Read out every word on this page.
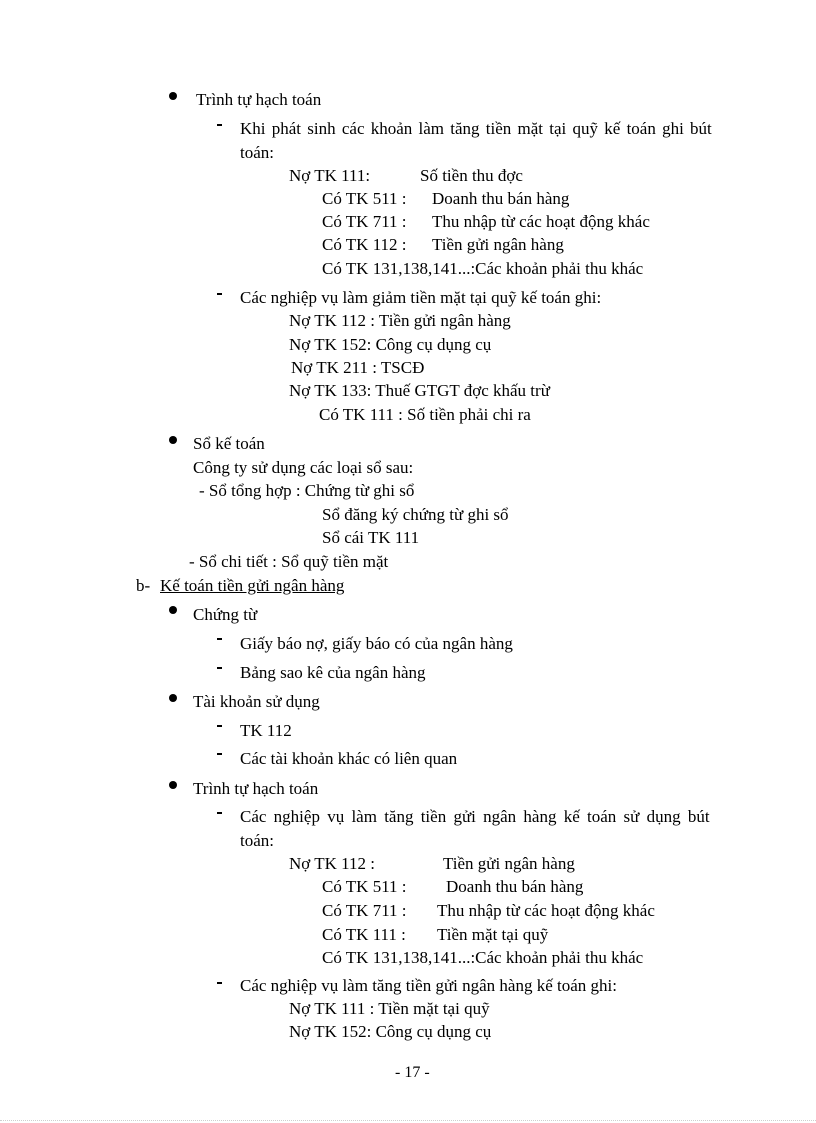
Trình tự hạch toán
Khi phát sinh các khoản làm tăng tiền mặt tại quỹ kế toán ghi bút
toán:
Nợ TK 111:	Số tiền thu đợc
Có TK 511 : Doanh thu bán hàng
Có TK 711 : Thu nhập từ các hoạt động khác
Có TK 112 : Tiền gửi ngân hàng
Có TK 131,138,141...:Các khoản phải thu khác
Các nghiệp vụ làm giảm tiền mặt tại quỹ kế toán ghi:
Nợ TK 112 : Tiền gửi ngân hàng
Nợ TK 152: Công cụ dụng cụ
Nợ TK 211 : TSCĐ
Nợ TK 133: Thuế GTGT đợc khấu trừ
Có TK 111 : Số tiền phải chi ra
Sổ kế toán
Công ty sử dụng các loại sổ sau:
- Sổ tổng hợp : Chứng từ ghi sổ
Sổ đăng ký chứng từ ghi sổ
Sổ cái TK 111
- Sổ chi tiết : Sổ quỹ tiền mặt
b- Kế toán tiền gửi ngân hàng
Chứng từ
Giấy báo nợ, giấy báo có của ngân hàng
Bảng sao kê của ngân hàng
Tài khoản sử dụng
TK 112
Các tài khoản khác có liên quan
Trình tự hạch toán
Các nghiệp vụ làm tăng tiền gửi ngân hàng kế toán sử dụng bút
toán:
Nợ TK 112 :	Tiền gửi ngân hàng
Có TK 511 : Doanh thu bán hàng
Có TK 711 : Thu nhập từ các hoạt động khác
Có TK 111 : Tiền mặt tại quỹ
Có TK 131,138,141...:Các khoản phải thu khác
Các nghiệp vụ làm tăng tiền gửi ngân hàng kế toán ghi:
Nợ TK 111 : Tiền mặt tại quỹ
Nợ TK 152: Công cụ dụng cụ
- 17 -
